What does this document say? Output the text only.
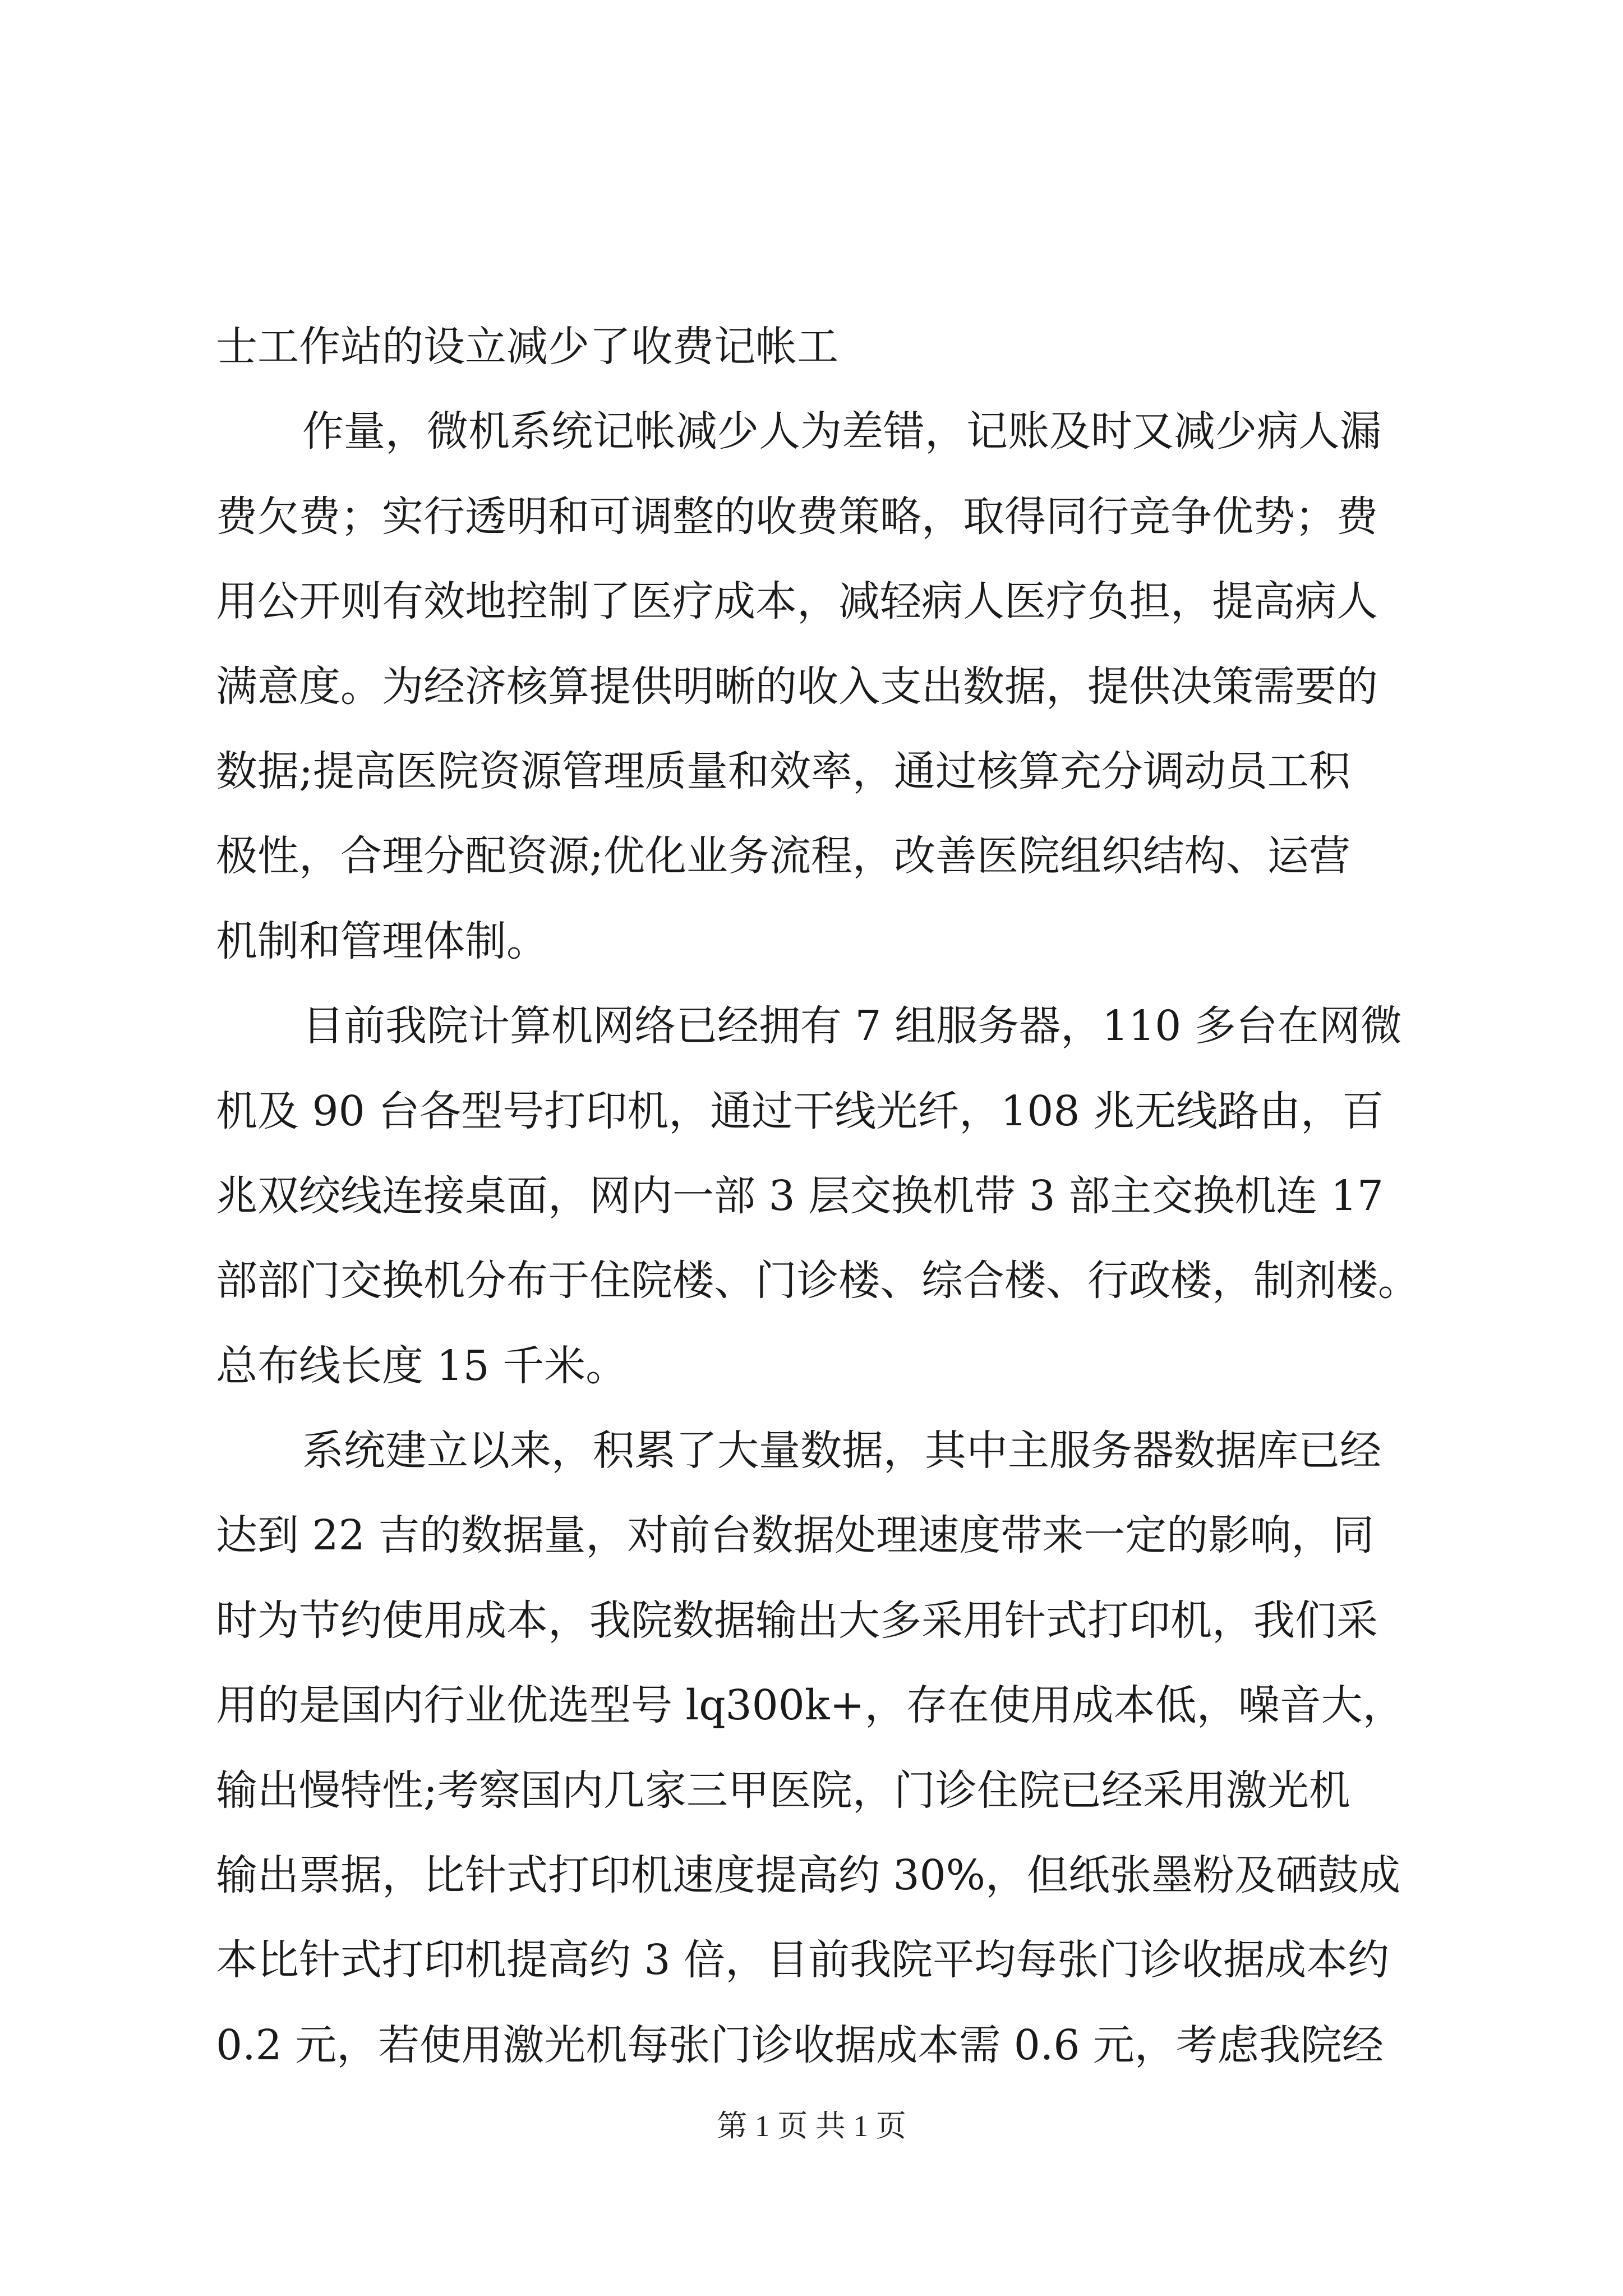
士工作站的设立减少了收费记帐工
作量，微机系统记帐减少人为差错，记账及时又减少病人漏
费欠费；实行透明和可调整的收费策略，取得同行竞争优势；费
用公开则有效地控制了医疗成本，减轻病人医疗负担，提高病人
满意度。为经济核算提供明晰的收入支出数据，提供决策需要的
数据;提高医院资源管理质量和效率，通过核算充分调动员工积
极性，合理分配资源;优化业务流程，改善医院组织结构、运营
机制和管理体制。
目前我院计算机网络已经拥有 7 组服务器，110 多台在网微
机及 90 台各型号打印机，通过干线光纤，108 兆无线路由，百
兆双绞线连接桌面，网内一部 3 层交换机带 3 部主交换机连 17
部部门交换机分布于住院楼、门诊楼、综合楼、行政楼，制剂楼。
总布线长度 15 千米。
系统建立以来，积累了大量数据，其中主服务器数据库已经
达到 22 吉的数据量，对前台数据处理速度带来一定的影响，同
时为节约使用成本，我院数据输出大多采用针式打印机，我们采
用的是国内行业优选型号 lq300k+，存在使用成本低，噪音大，
输出慢特性;考察国内几家三甲医院，门诊住院已经采用激光机
输出票据，比针式打印机速度提高约 30%，但纸张墨粉及硒鼓成
本比针式打印机提高约 3 倍，目前我院平均每张门诊收据成本约
0.2 元，若使用激光机每张门诊收据成本需 0.6 元，考虑我院经
第 1 页 共 1 页
